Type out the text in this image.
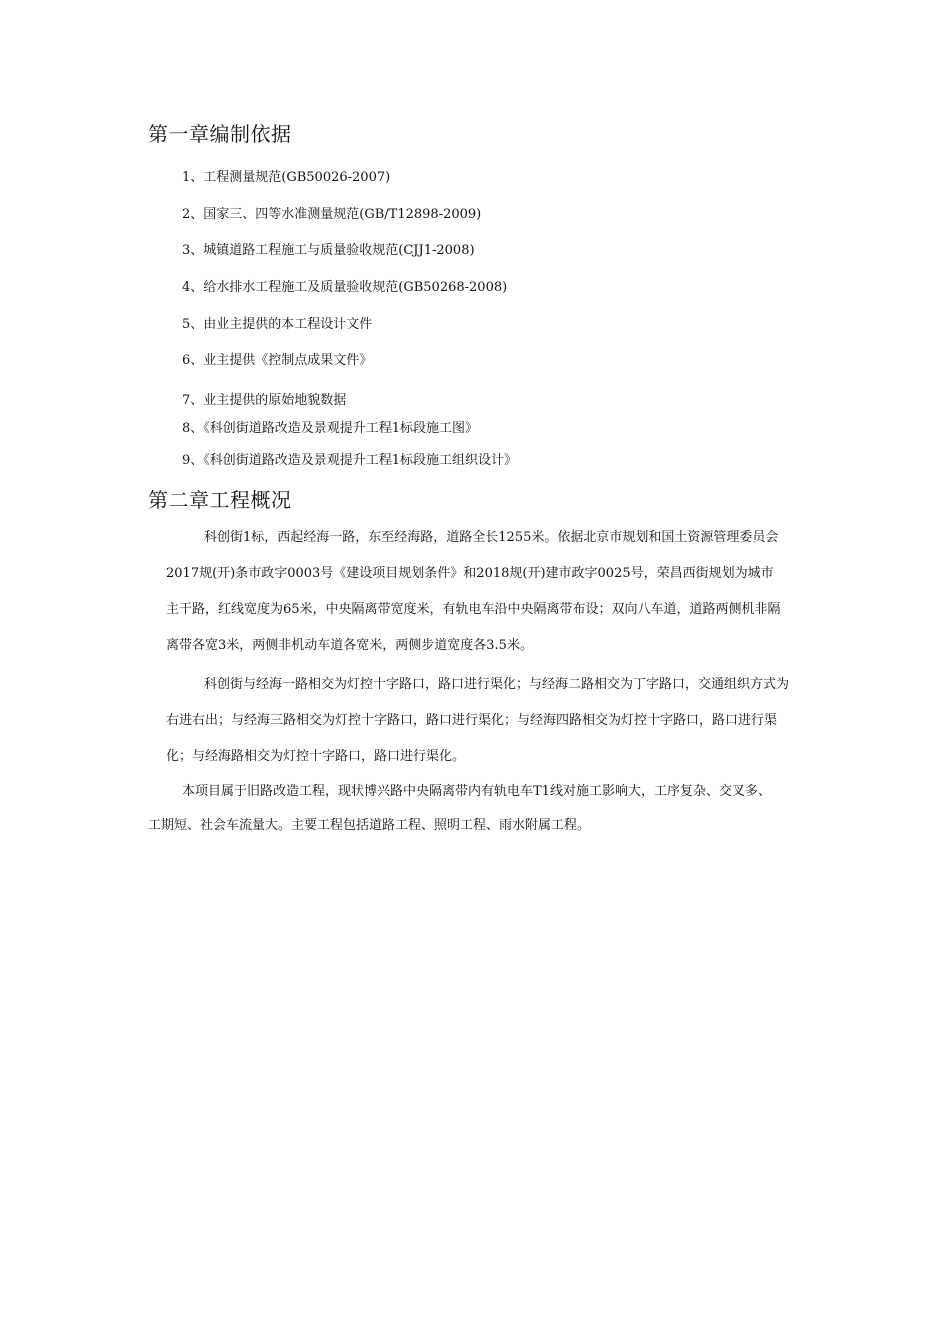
第一章编制依据

1、工程测量规范(GB50026-2007)

2、国家三、四等水准测量规范(GB/T12898-2009)

3、城镇道路工程施工与质量验收规范(CJJ1-2008)

4、给水排水工程施工及质量验收规范(GB50268-2008)

5、由业主提供的本工程设计文件

6、业主提供《控制点成果文件》

7、业主提供的原始地貌数据

8、《科创街道路改造及景观提升工程1标段施工图》

9、《科创街道路改造及景观提升工程1标段施工组织设计》

第二章工程概况
科创街1标，西起经海一路，东至经海路，道路全长1255米。依据北京市规划和国土资源管理委员会
2017规(开)条市政字0003号《建设项目规划条件》和2018规(开)建市政字0025号，荣昌西街规划为城市
主干路，红线宽度为65米，中央隔离带宽度米，有轨电车沿中央隔离带布设；双向八车道，道路两侧机非隔
离带各宽3米，两侧非机动车道各宽米，两侧步道宽度各3.5米。
科创街与经海一路相交为灯控十字路口，路口进行渠化；与经海二路相交为丁字路口，交通组织方式为
右进右出；与经海三路相交为灯控十字路口，路口进行渠化；与经海四路相交为灯控十字路口，路口进行渠
化；与经海路相交为灯控十字路口，路口进行渠化。
本项目属于旧路改造工程，现状博兴路中央隔离带内有轨电车T1线对施工影响大，工序复杂、交叉多、
工期短、社会车流量大。主要工程包括道路工程、照明工程、雨水附属工程。
